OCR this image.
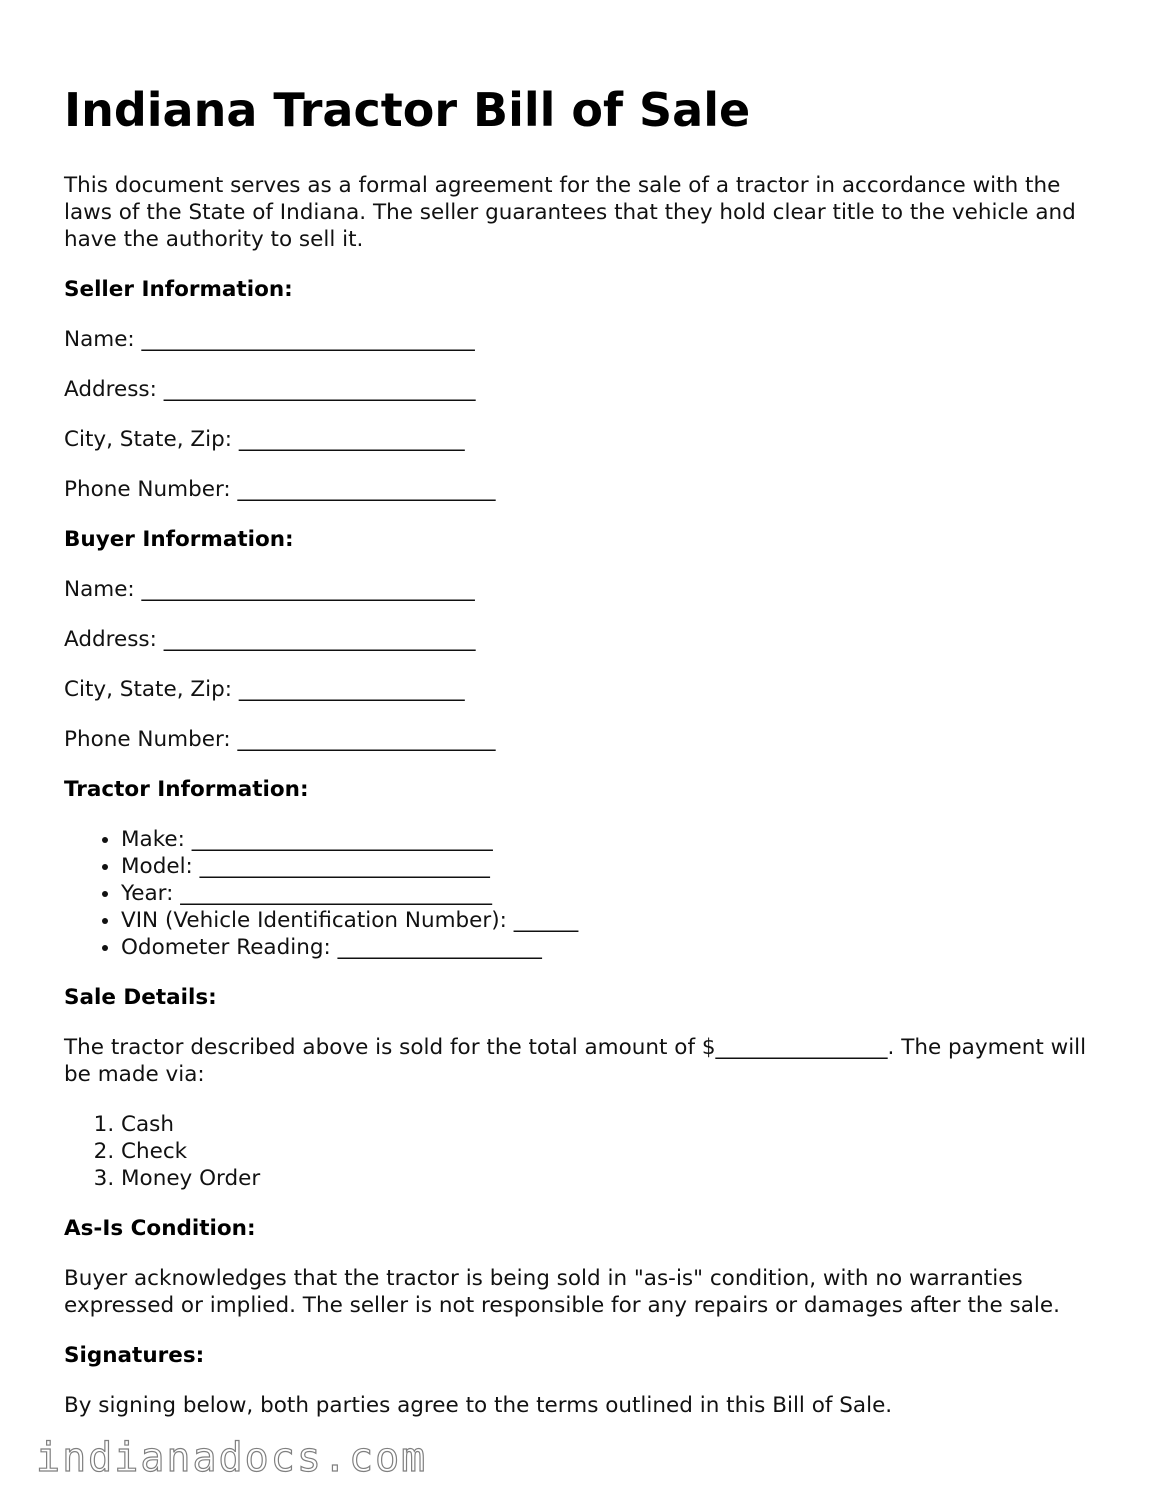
Indiana Tractor Bill of Sale

This document serves as a formal agreement for the sale of a tractor in accordance with the laws of the State of Indiana. The seller guarantees that they hold clear title to the vehicle and have the authority to sell it.

Seller Information:
Name: _______________________________
Address: _____________________________
City, State, Zip: _____________________
Phone Number: ________________________
Buyer Information:
Name: _______________________________
Address: _____________________________
City, State, Zip: _____________________
Phone Number: ________________________
Tractor Information:
• Make: ____________________________
• Model: ___________________________
• Year: _____________________________
• VIN (Vehicle Identification Number): ______
• Odometer Reading: ___________________
Sale Details:

The tractor described above is sold for the total amount of $________________. The payment will be made via:

1. Cash
2. Check
3. Money Order
As-Is Condition:

Buyer acknowledges that the tractor is being sold in "as-is" condition, with no warranties expressed or implied. The seller is not responsible for any repairs or damages after the sale.

Signatures:

By signing below, both parties agree to the terms outlined in this Bill of Sale.

indianadocs.com
